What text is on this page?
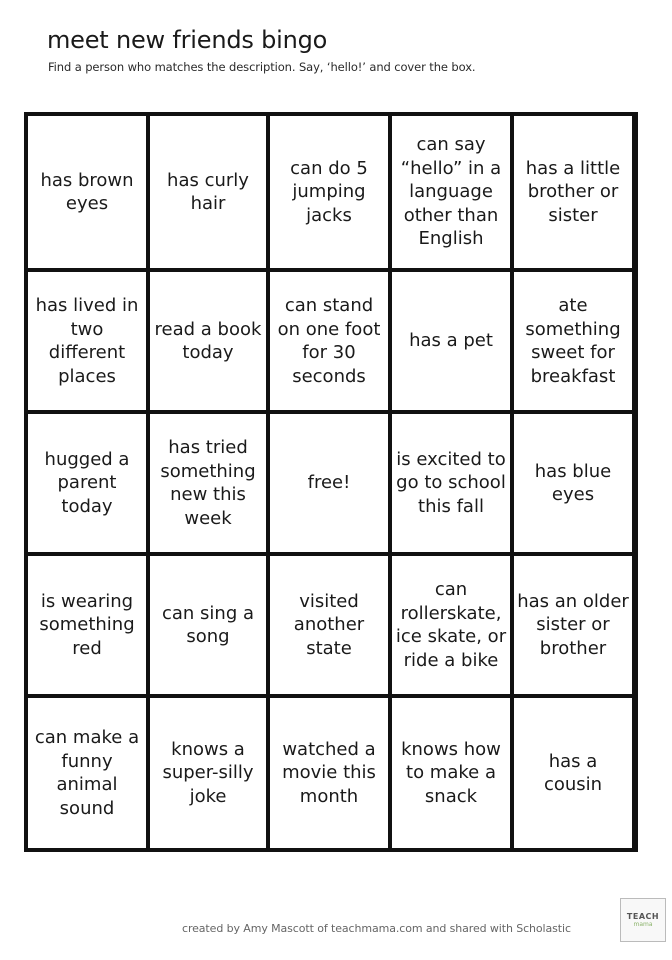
meet new friends bingo
Find a person who matches the description. Say, ‘hello!’ and cover the box.
has brown eyes
has curly hair
can do 5 jumping jacks
can say “hello” in a language other than English
has a little brother or sister
has lived in two different places
read a book today
can stand on one foot for 30 seconds
has a pet
ate something sweet for breakfast
hugged a parent today
has tried something new this week
free!
is excited to go to school this fall
has blue eyes
is wearing something red
can sing a song
visited another state
can rollerskate, ice skate, or ride a bike
has an older sister or brother
can make a funny animal sound
knows a super-silly joke
watched a movie this month
knows how to make a snack
has a cousin
created by Amy Mascott of teachmama.com and shared with Scholastic
TEACH
mama
